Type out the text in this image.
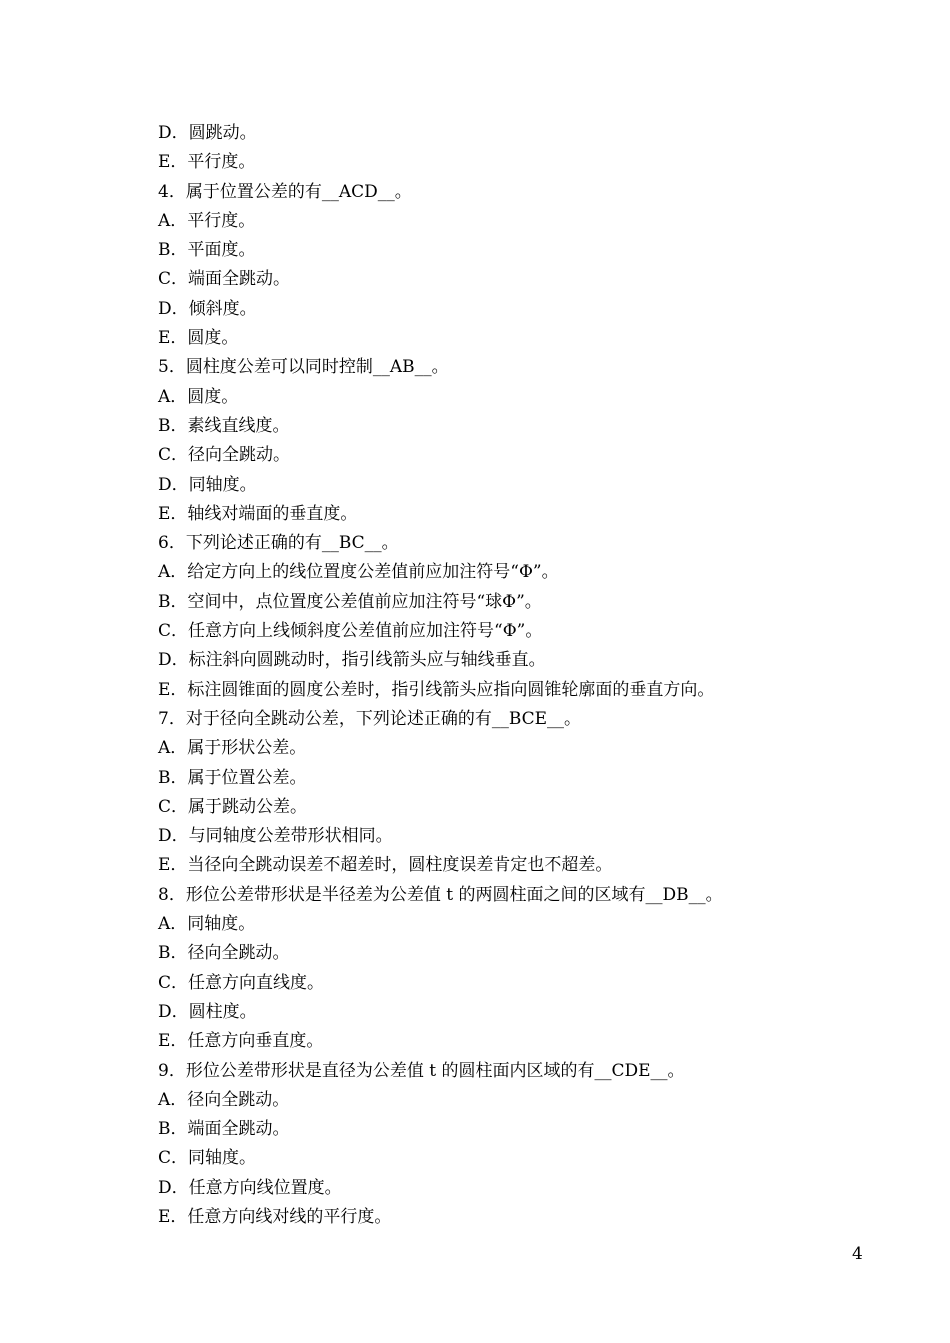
D．圆跳动。
E．平行度。
4．属于位置公差的有__ACD__。
A．平行度。
B．平面度。
C．端面全跳动。
D．倾斜度。
E．圆度。
5．圆柱度公差可以同时控制__AB__。
A．圆度。
B．素线直线度。
C．径向全跳动。
D．同轴度。
E．轴线对端面的垂直度。
6．下列论述正确的有__BC__。
A．给定方向上的线位置度公差值前应加注符号“Φ”。
B．空间中，点位置度公差值前应加注符号“球Φ”。
C．任意方向上线倾斜度公差值前应加注符号“Φ”。
D．标注斜向圆跳动时，指引线箭头应与轴线垂直。
E．标注圆锥面的圆度公差时，指引线箭头应指向圆锥轮廓面的垂直方向。
7．对于径向全跳动公差，下列论述正确的有__BCE__。
A．属于形状公差。
B．属于位置公差。
C．属于跳动公差。
D．与同轴度公差带形状相同。
E．当径向全跳动误差不超差时，圆柱度误差肯定也不超差。
8．形位公差带形状是半径差为公差值 t 的两圆柱面之间的区域有__DB__。
A．同轴度。
B．径向全跳动。
C．任意方向直线度。
D．圆柱度。
E．任意方向垂直度。
9．形位公差带形状是直径为公差值 t 的圆柱面内区域的有__CDE__。
A．径向全跳动。
B．端面全跳动。
C．同轴度。
D．任意方向线位置度。
E．任意方向线对线的平行度。
4
